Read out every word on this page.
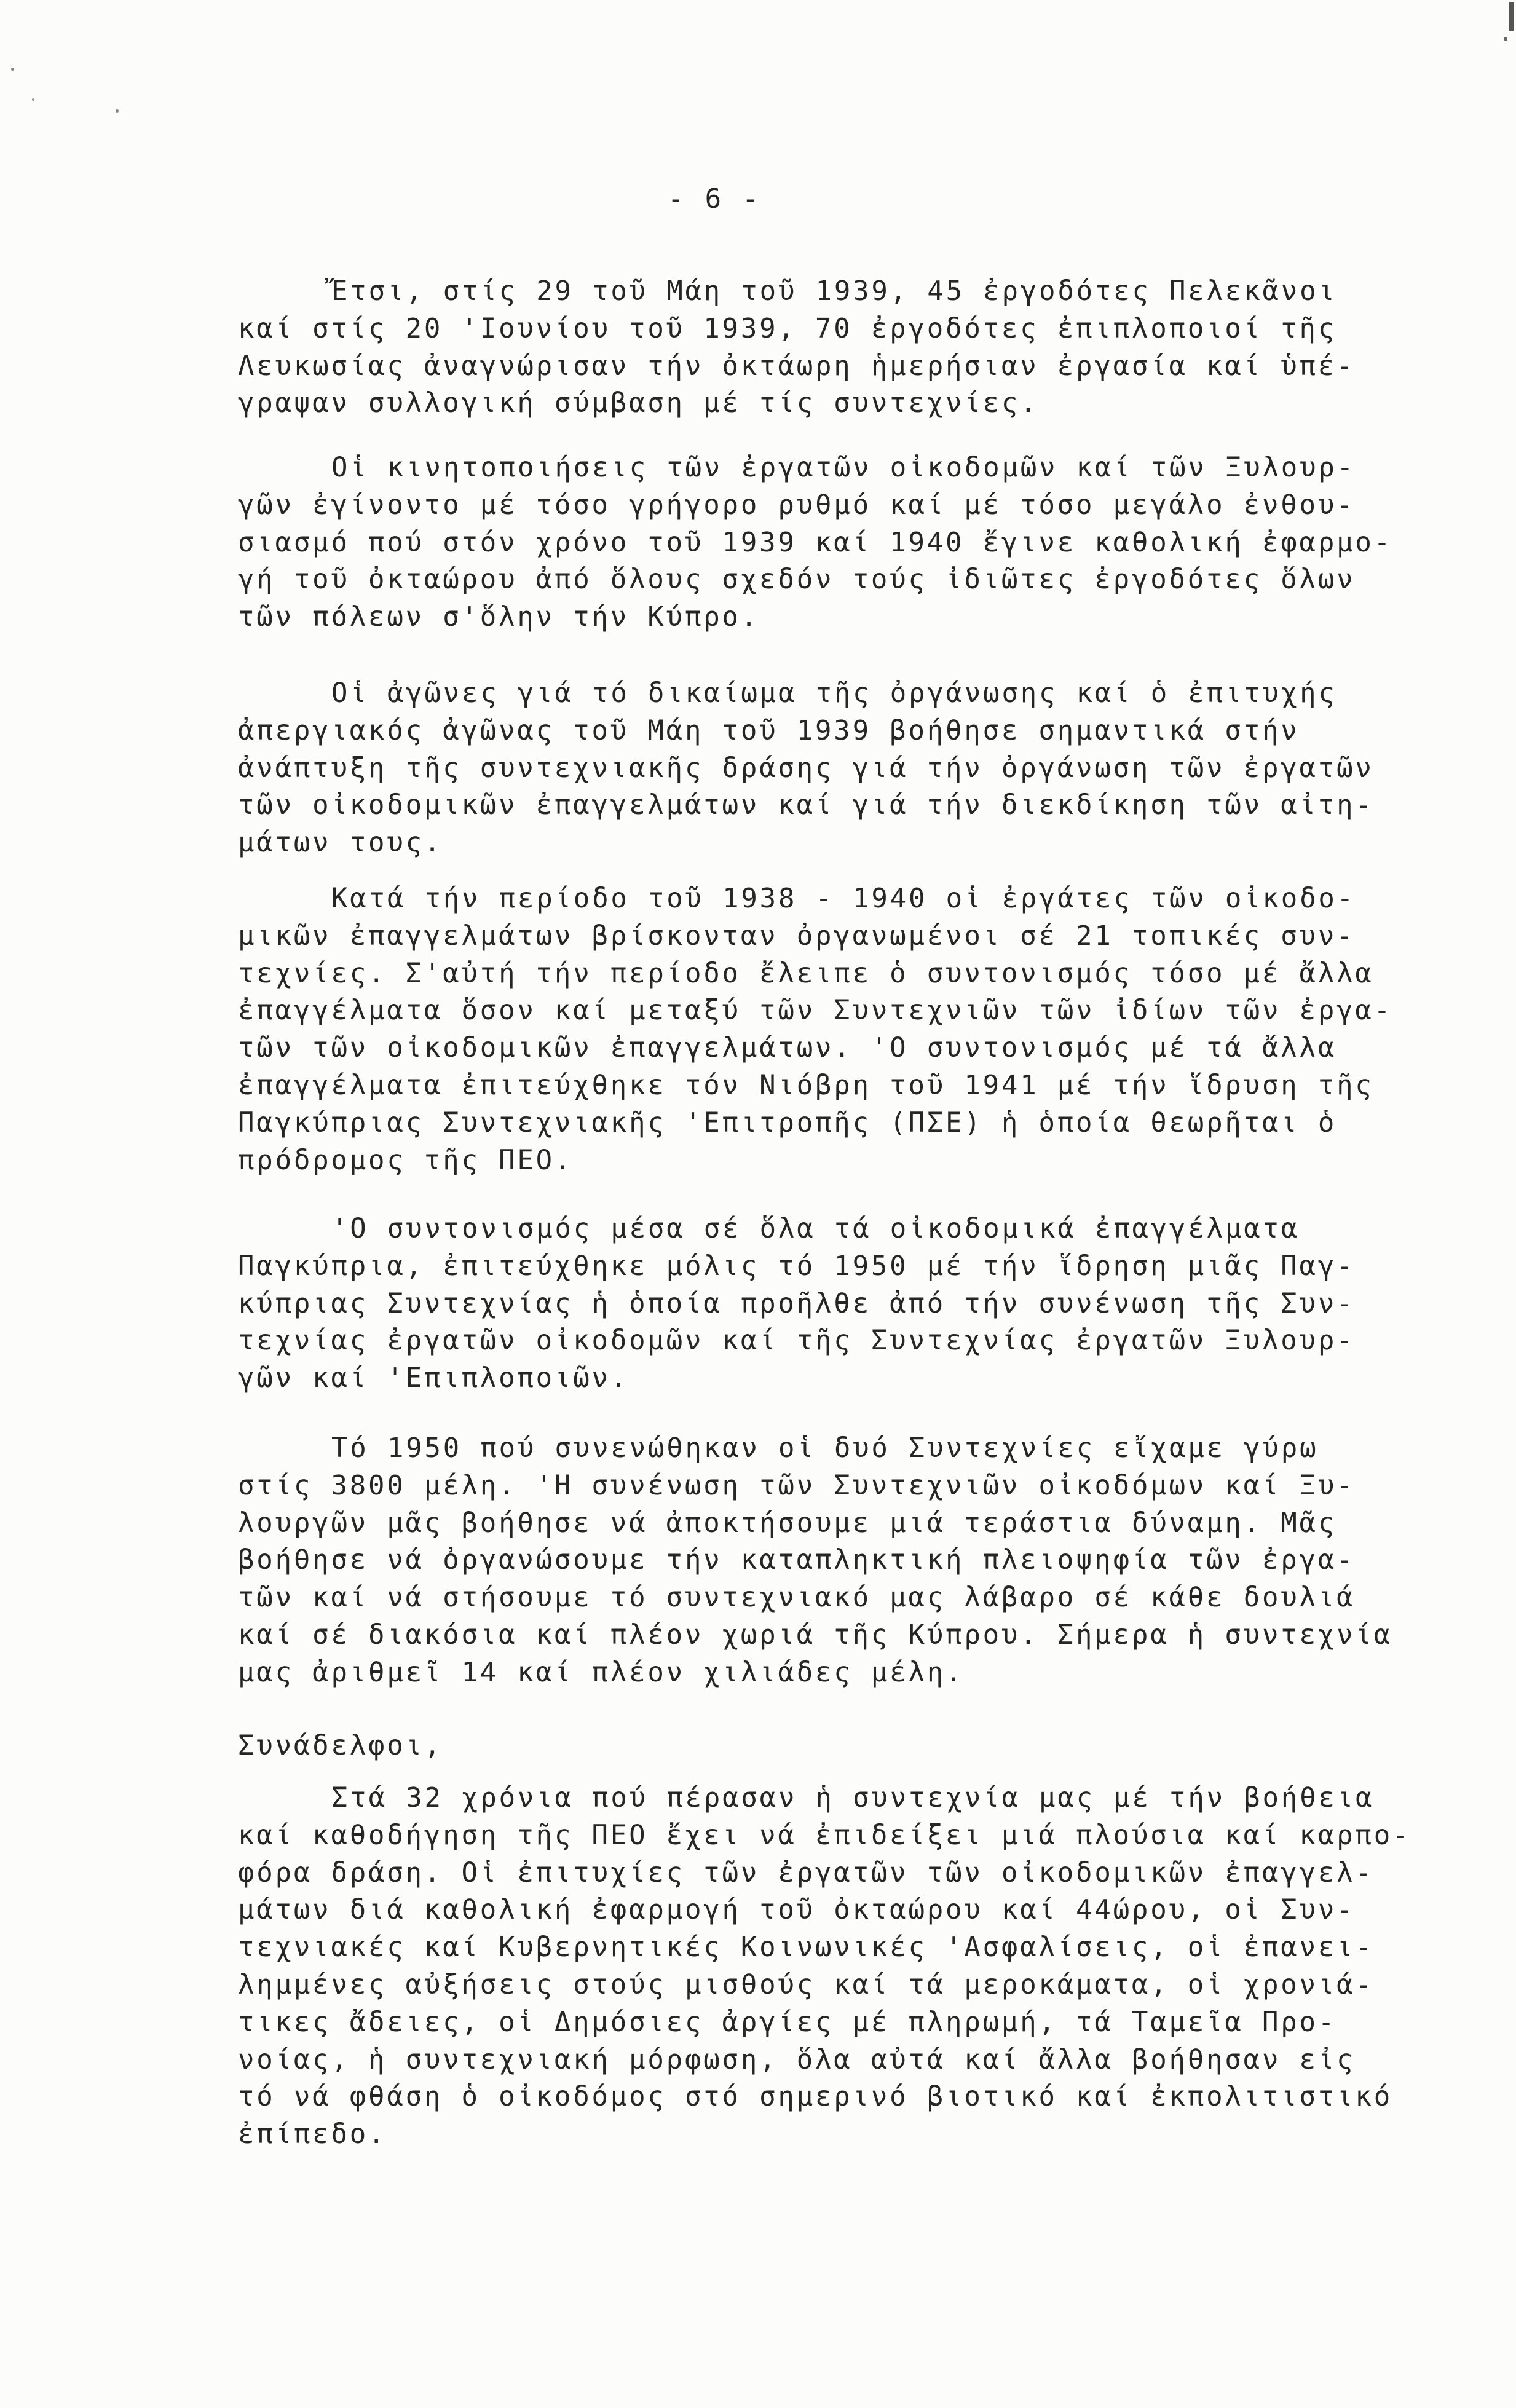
- 6 -
Ἔτσι, στίς 29 τοῦ Μάη τοῦ 1939, 45 ἐργοδότες Πελεκᾶνοι
καί στίς 20 'Ιουνίου τοῦ 1939, 70 ἐργοδότες ἐπιπλοποιοί τῆς
Λευκωσίας ἀναγνώρισαν τήν ὀκτάωρη ἡμερήσιαν ἐργασία καί ὑπέ-
γραψαν συλλογική σύμβαση μέ τίς συντεχνίες.
Οἱ κινητοποιήσεις τῶν ἐργατῶν οἰκοδομῶν καί τῶν Ξυλουρ-
γῶν ἐγίνοντο μέ τόσο γρήγορο ρυθμό καί μέ τόσο μεγάλο ἐνθου-
σιασμό πού στόν χρόνο τοῦ 1939 καί 1940 ἔγινε καθολική ἐφαρμο-
γή τοῦ ὀκταώρου ἀπό ὅλους σχεδόν τούς ἰδιῶτες ἐργοδότες ὅλων
τῶν πόλεων σ'ὅλην τήν Κύπρο.
Οἱ ἀγῶνες γιά τό δικαίωμα τῆς ὀργάνωσης καί ὁ ἐπιτυχής
ἀπεργιακός ἀγῶνας τοῦ Μάη τοῦ 1939 βοήθησε σημαντικά στήν
ἀνάπτυξη τῆς συντεχνιακῆς δράσης γιά τήν ὀργάνωση τῶν ἐργατῶν
τῶν οἰκοδομικῶν ἐπαγγελμάτων καί γιά τήν διεκδίκηση τῶν αἰτη-
μάτων τους.
Κατά τήν περίοδο τοῦ 1938 - 1940 οἱ ἐργάτες τῶν οἰκοδο-
μικῶν ἐπαγγελμάτων βρίσκονταν ὀργανωμένοι σέ 21 τοπικές συν-
τεχνίες. Σ'αὐτή τήν περίοδο ἔλειπε ὁ συντονισμός τόσο μέ ἄλλα
ἐπαγγέλματα ὅσον καί μεταξύ τῶν Συντεχνιῶν τῶν ἰδίων τῶν ἐργα-
τῶν τῶν οἰκοδομικῶν ἐπαγγελμάτων. 'Ο συντονισμός μέ τά ἄλλα
ἐπαγγέλματα ἐπιτεύχθηκε τόν Νιόβρη τοῦ 1941 μέ τήν ἵδρυση τῆς
Παγκύπριας Συντεχνιακῆς 'Επιτροπῆς (ΠΣΕ) ἡ ὁποία θεωρῆται ὁ
πρόδρομος τῆς ΠΕΟ.
'Ο συντονισμός μέσα σέ ὅλα τά οἰκοδομικά ἐπαγγέλματα
Παγκύπρια, ἐπιτεύχθηκε μόλις τό 1950 μέ τήν ἵδρηση μιᾶς Παγ-
κύπριας Συντεχνίας ἡ ὁποία προῆλθε ἀπό τήν συνένωση τῆς Συν-
τεχνίας ἐργατῶν οἰκοδομῶν καί τῆς Συντεχνίας ἐργατῶν Ξυλουρ-
γῶν καί 'Επιπλοποιῶν.
Τό 1950 πού συνενώθηκαν οἱ δυό Συντεχνίες εἴχαμε γύρω
στίς 3800 μέλη. 'Η συνένωση τῶν Συντεχνιῶν οἰκοδόμων καί Ξυ-
λουργῶν μᾶς βοήθησε νά ἀποκτήσουμε μιά τεράστια δύναμη. Μᾶς
βοήθησε νά ὀργανώσουμε τήν καταπληκτική πλειοψηφία τῶν ἐργα-
τῶν καί νά στήσουμε τό συντεχνιακό μας λάβαρο σέ κάθε δουλιά
καί σέ διακόσια καί πλέον χωριά τῆς Κύπρου. Σήμερα ἡ συντεχνία
μας ἀριθμεῖ 14 καί πλέον χιλιάδες μέλη.
Συνάδελφοι,
Στά 32 χρόνια πού πέρασαν ἡ συντεχνία μας μέ τήν βοήθεια
καί καθοδήγηση τῆς ΠΕΟ ἔχει νά ἐπιδείξει μιά πλούσια καί καρπο-
φόρα δράση. Οἱ ἐπιτυχίες τῶν ἐργατῶν τῶν οἰκοδομικῶν ἐπαγγελ-
μάτων διά καθολική ἐφαρμογή τοῦ ὀκταώρου καί 44ώρου, οἱ Συν-
τεχνιακές καί Κυβερνητικές Κοινωνικές 'Ασφαλίσεις, οἱ ἐπανει-
λημμένες αὐξήσεις στούς μισθούς καί τά μεροκάματα, οἱ χρονιά-
τικες ἄδειες, οἱ Δημόσιες ἀργίες μέ πληρωμή, τά Ταμεῖα Προ-
νοίας, ἡ συντεχνιακή μόρφωση, ὅλα αὐτά καί ἄλλα βοήθησαν εἰς
τό νά φθάση ὁ οἰκοδόμος στό σημερινό βιοτικό καί ἐκπολιτιστικό
ἐπίπεδο.
